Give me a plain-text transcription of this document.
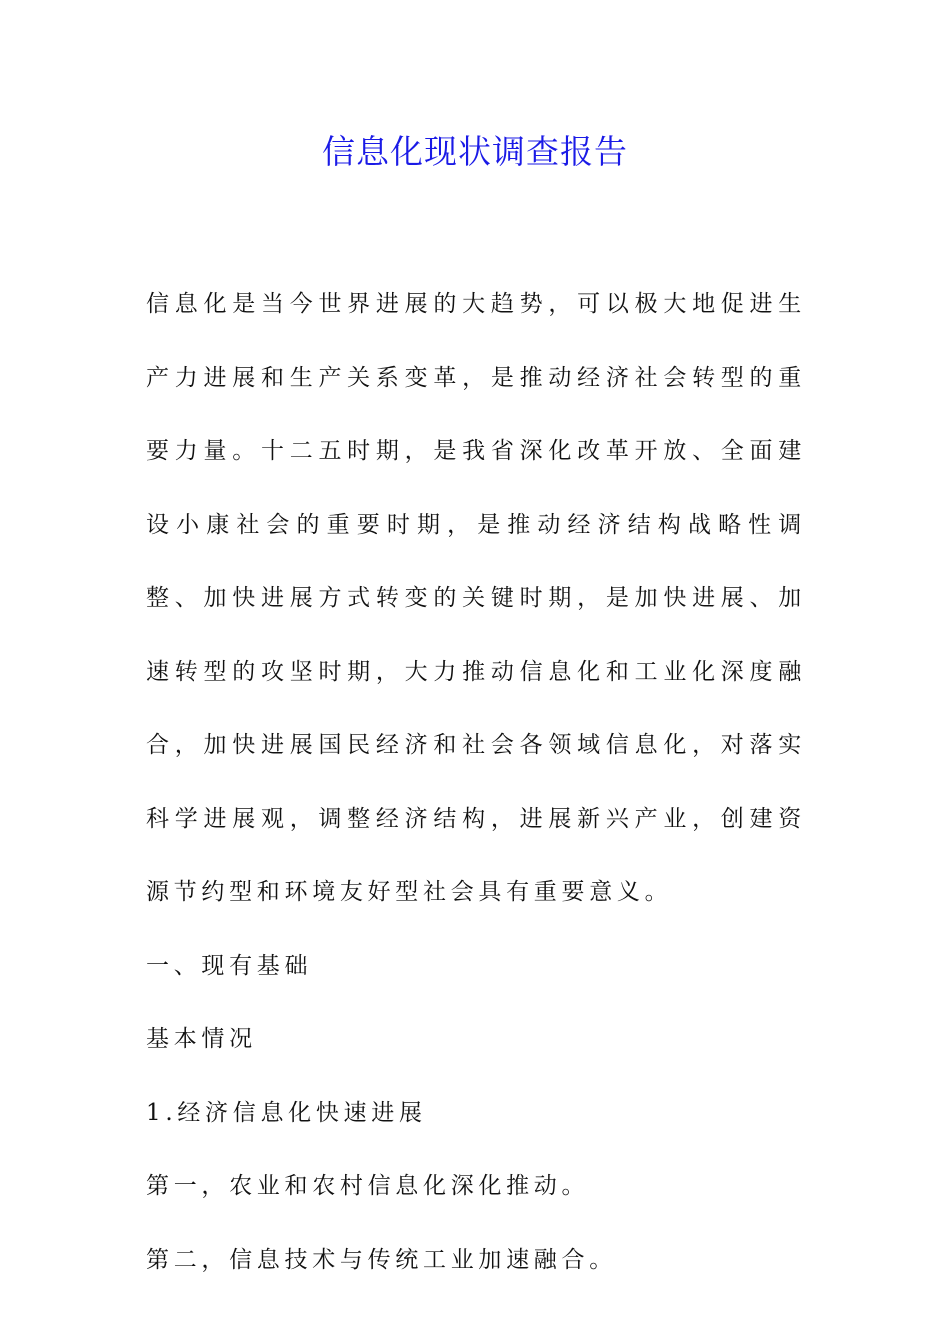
信息化现状调查报告

信息化是当今世界进展的大趋势，可以极大地促进生产力进展和生产关系变革，是推动经济社会转型的重要力量。十二五时期，是我省深化改革开放、全面建设小康社会的重要时期，是推动经济结构战略性调整、加快进展方式转变的关键时期，是加快进展、加速转型的攻坚时期，大力推动信息化和工业化深度融合，加快进展国民经济和社会各领域信息化，对落实科学进展观，调整经济结构，进展新兴产业，创建资源节约型和环境友好型社会具有重要意义。

一、现有基础

基本情况

1.经济信息化快速进展

第一，农业和农村信息化深化推动。

第二，信息技术与传统工业加速融合。
